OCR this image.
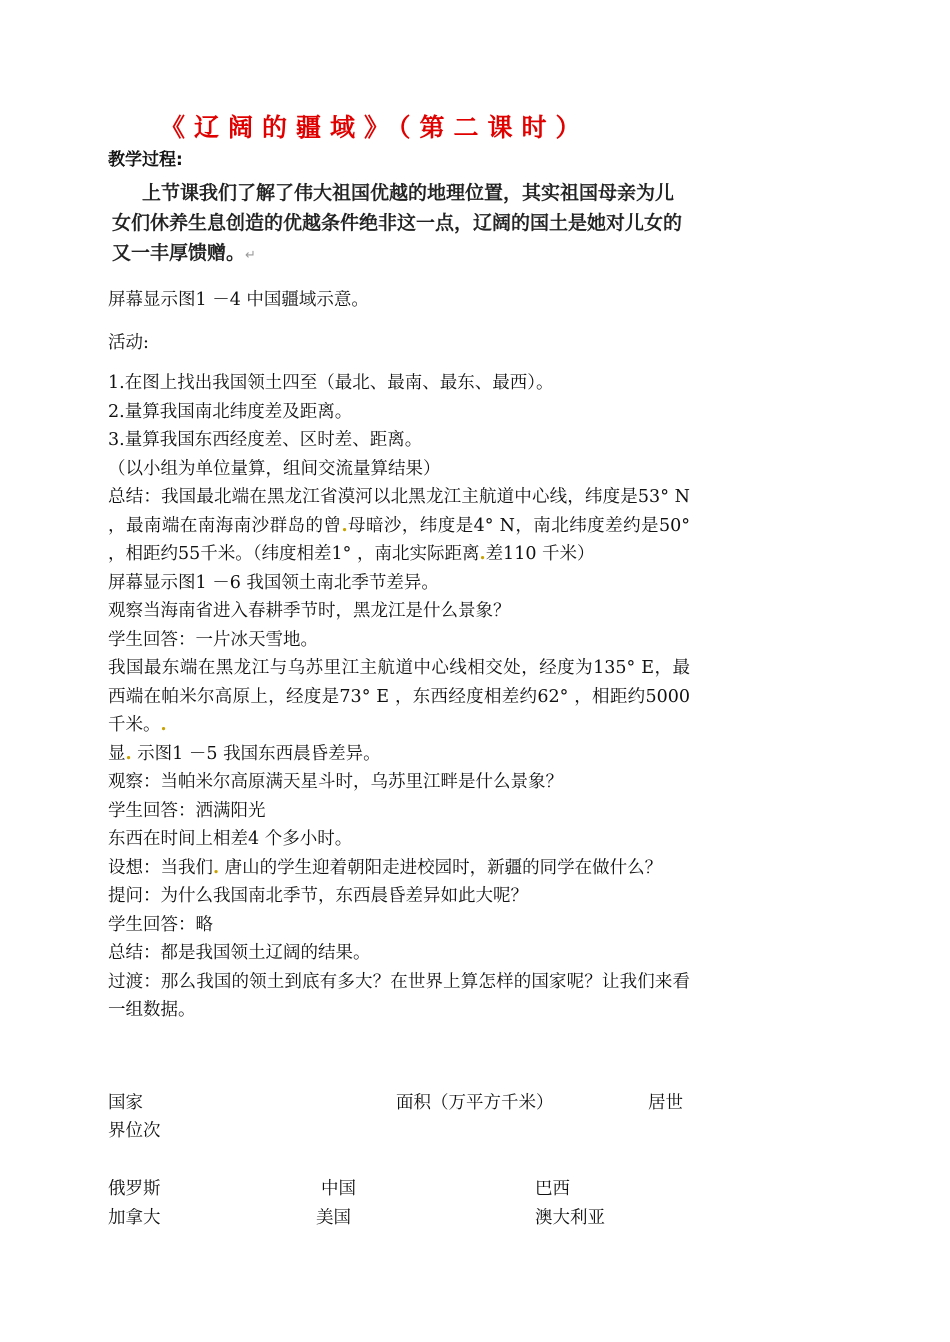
《辽阔的疆域》（第二课时）
教学过程:
上节课我们了解了伟大祖国优越的地理位置，其实祖国母亲为儿女们休养生息创造的优越条件绝非这一点，辽阔的国土是她对儿女的又一丰厚馈赠。↵
屏幕显示图1 －4 中国疆域示意。
活动:
1.在图上找出我国领土四至（最北、最南、最东、最西）。
2.量算我国南北纬度差及距离。
3.量算我国东西经度差、区时差、距离。
（以小组为单位量算，组间交流量算结果）
总结：我国最北端在黑龙江省漠河以北黑龙江主航道中心线，纬度是53° N ，最南端在南海南沙群岛的曾.母暗沙，纬度是4° N，南北纬度差约是50° ，相距约55千米。（纬度相差1° ，南北实际距离.差110 千米）
屏幕显示图1 －6 我国领土南北季节差异。
观察当海南省进入春耕季节时，黑龙江是什么景象？
学生回答：一片冰天雪地。
我国最东端在黑龙江与乌苏里江主航道中心线相交处，经度为135° E，最西端在帕米尔高原上，经度是73° E ，东西经度相差约62° ，相距约5000千米。.
显. 示图1 －5 我国东西晨昏差异。
观察：当帕米尔高原满天星斗时，乌苏里江畔是什么景象？
学生回答：洒满阳光
东西在时间上相差4 个多小时。
设想：当我们. 唐山的学生迎着朝阳走进校园时，新疆的同学在做什么？
提问：为什么我国南北季节，东西晨昏差异如此大呢？
学生回答：略
总结：都是我国领土辽阔的结果。
过渡：那么我国的领土到底有多大？在世界上算怎样的国家呢？让我们来看一组数据。
国家	面积（万平方千米）	居世
界位次
俄罗斯	中国	巴西
加拿大	美国	澳大利亚
